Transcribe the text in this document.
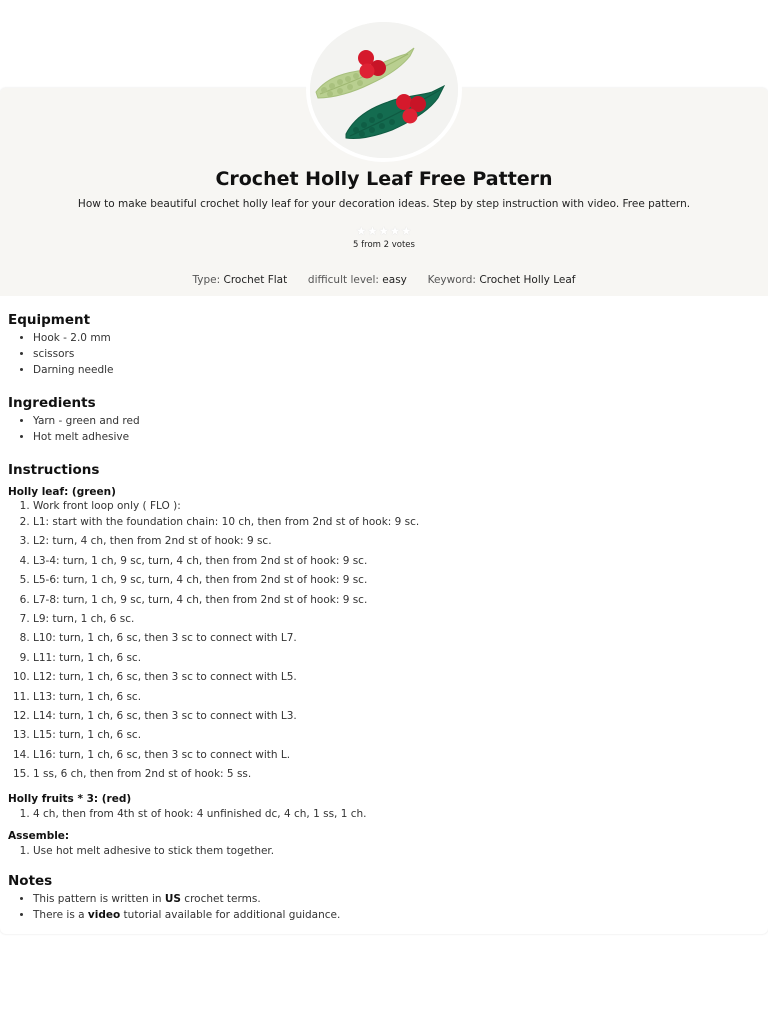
Crochet Holly Leaf Free Pattern
How to make beautiful crochet holly leaf for your decoration ideas. Step by step instruction with video. Free pattern.
★★★★★
5 from 2 votes
Type: Crochet Flat difficult level: easy Keyword: Crochet Holly Leaf
Equipment
• Hook - 2.0 mm
• scissors
• Darning needle
Ingredients
• Yarn - green and red
• Hot melt adhesive
Instructions
Holly leaf: (green)
1. Work front loop only ( FLO ):
2. L1: start with the foundation chain: 10 ch, then from 2nd st of hook: 9 sc.
3. L2: turn, 4 ch, then from 2nd st of hook: 9 sc.
4. L3-4: turn, 1 ch, 9 sc, turn, 4 ch, then from 2nd st of hook: 9 sc.
5. L5-6: turn, 1 ch, 9 sc, turn, 4 ch, then from 2nd st of hook: 9 sc.
6. L7-8: turn, 1 ch, 9 sc, turn, 4 ch, then from 2nd st of hook: 9 sc.
7. L9: turn, 1 ch, 6 sc.
8. L10: turn, 1 ch, 6 sc, then 3 sc to connect with L7.
9. L11: turn, 1 ch, 6 sc.
10. L12: turn, 1 ch, 6 sc, then 3 sc to connect with L5.
11. L13: turn, 1 ch, 6 sc.
12. L14: turn, 1 ch, 6 sc, then 3 sc to connect with L3.
13. L15: turn, 1 ch, 6 sc.
14. L16: turn, 1 ch, 6 sc, then 3 sc to connect with L.
15. 1 ss, 6 ch, then from 2nd st of hook: 5 ss.
Holly fruits * 3: (red)
1. 4 ch, then from 4th st of hook: 4 unfinished dc, 4 ch, 1 ss, 1 ch.
Assemble:
1. Use hot melt adhesive to stick them together.
Notes
• This pattern is written in US crochet terms.
• There is a video tutorial available for additional guidance.
